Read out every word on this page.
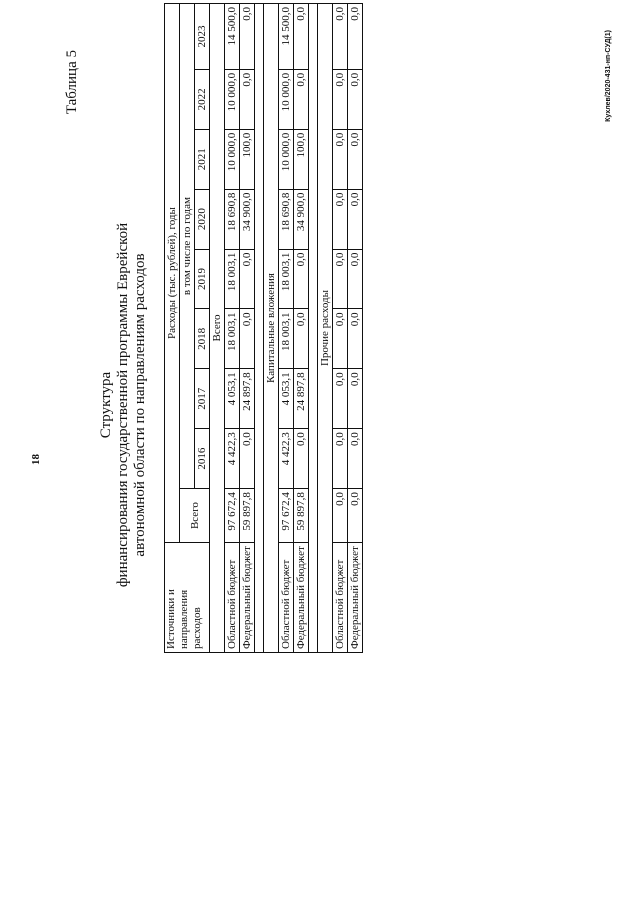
18
Таблица 5	Кухлев/2020-431-нп-СУД(1)
Структура финансирования государственной программы Еврейской автономной области по направлениям расходов
Источники и направления расходов	Расходы (тыс. рублей), годы								
	Всего	в том числе по годам							
		2016	2017	2018	2019	2020	2021	2022	2023
Всего									
Областной бюджет	97 672,4	4 422,3	4 053,1	18 003,1	18 003,1	18 690,8	10 000,0	10 000,0	14 500,0
Федеральный бюджет	59 897,8	0,0	24 897,8	0,0	0,0	34 900,0	100,0	0,0	0,0

Капитальные вложения									
Областной бюджет	97 672,4	4 422,3	4 053,1	18 003,1	18 003,1	18 690,8	10 000,0	10 000,0	14 500,0
Федеральный бюджет	59 897,8	0,0	24 897,8	0,0	0,0	34 900,0	100,0	0,0	0,0

Прочие расходы									
Областной бюджет	0,0	0,0	0,0	0,0	0,0	0,0	0,0	0,0	0,0
Федеральный бюджет	0,0	0,0	0,0	0,0	0,0	0,0	0,0	0,0	0,0
